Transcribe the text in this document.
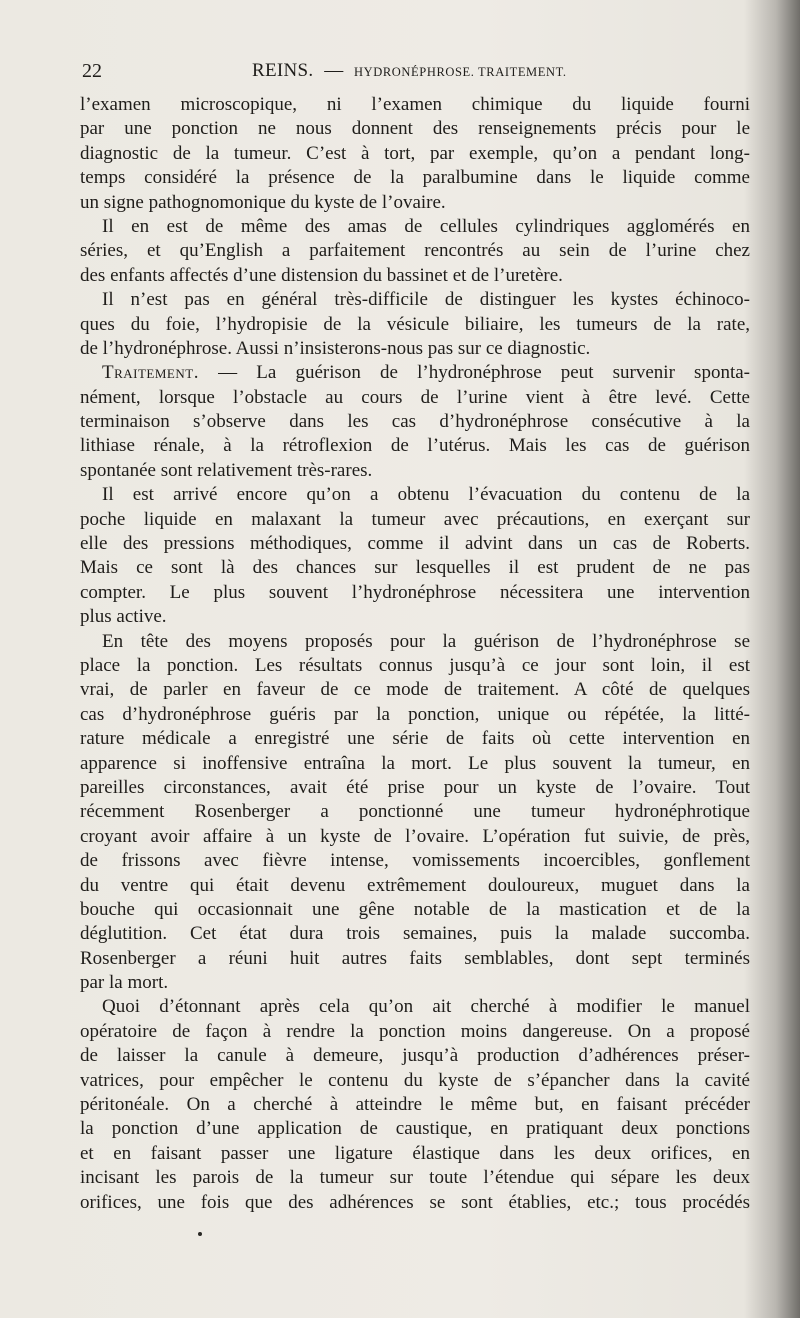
22	REINS. — HYDRONÉPHROSE. TRAITEMENT.
l’examen microscopique, ni l’examen chimique du liquide fourni
par une ponction ne nous donnent des renseignements précis pour le
diagnostic de la tumeur. C’est à tort, par exemple, qu’on a pendant long-
temps considéré la présence de la paralbumine dans le liquide comme
un signe pathognomonique du kyste de l’ovaire.
Il en est de même des amas de cellules cylindriques agglomérés en
séries, et qu’English a parfaitement rencontrés au sein de l’urine chez
des enfants affectés d’une distension du bassinet et de l’uretère.
Il n’est pas en général très-difficile de distinguer les kystes échinoco-
ques du foie, l’hydropisie de la vésicule biliaire, les tumeurs de la rate,
de l’hydronéphrose. Aussi n’insisterons-nous pas sur ce diagnostic.
Traitement. — La guérison de l’hydronéphrose peut survenir sponta-
nément, lorsque l’obstacle au cours de l’urine vient à être levé. Cette
terminaison s’observe dans les cas d’hydronéphrose consécutive à la
lithiase rénale, à la rétroflexion de l’utérus. Mais les cas de guérison
spontanée sont relativement très-rares.
Il est arrivé encore qu’on a obtenu l’évacuation du contenu de la
poche liquide en malaxant la tumeur avec précautions, en exerçant sur
elle des pressions méthodiques, comme il advint dans un cas de Roberts.
Mais ce sont là des chances sur lesquelles il est prudent de ne pas
compter. Le plus souvent l’hydronéphrose nécessitera une intervention
plus active.
En tête des moyens proposés pour la guérison de l’hydronéphrose se
place la ponction. Les résultats connus jusqu’à ce jour sont loin, il est
vrai, de parler en faveur de ce mode de traitement. A côté de quelques
cas d’hydronéphrose guéris par la ponction, unique ou répétée, la litté-
rature médicale a enregistré une série de faits où cette intervention en
apparence si inoffensive entraîna la mort. Le plus souvent la tumeur, en
pareilles circonstances, avait été prise pour un kyste de l’ovaire. Tout
récemment Rosenberger a ponctionné une tumeur hydronéphrotique
croyant avoir affaire à un kyste de l’ovaire. L’opération fut suivie, de près,
de frissons avec fièvre intense, vomissements incoercibles, gonflement
du ventre qui était devenu extrêmement douloureux, muguet dans la
bouche qui occasionnait une gêne notable de la mastication et de la
déglutition. Cet état dura trois semaines, puis la malade succomba.
Rosenberger a réuni huit autres faits semblables, dont sept terminés
par la mort.
Quoi d’étonnant après cela qu’on ait cherché à modifier le manuel
opératoire de façon à rendre la ponction moins dangereuse. On a proposé
de laisser la canule à demeure, jusqu’à production d’adhérences préser-
vatrices, pour empêcher le contenu du kyste de s’épancher dans la cavité
péritonéale. On a cherché à atteindre le même but, en faisant précéder
la ponction d’une application de caustique, en pratiquant deux ponctions
et en faisant passer une ligature élastique dans les deux orifices, en
incisant les parois de la tumeur sur toute l’étendue qui sépare les deux
orifices, une fois que des adhérences se sont établies, etc.; tous procédés
